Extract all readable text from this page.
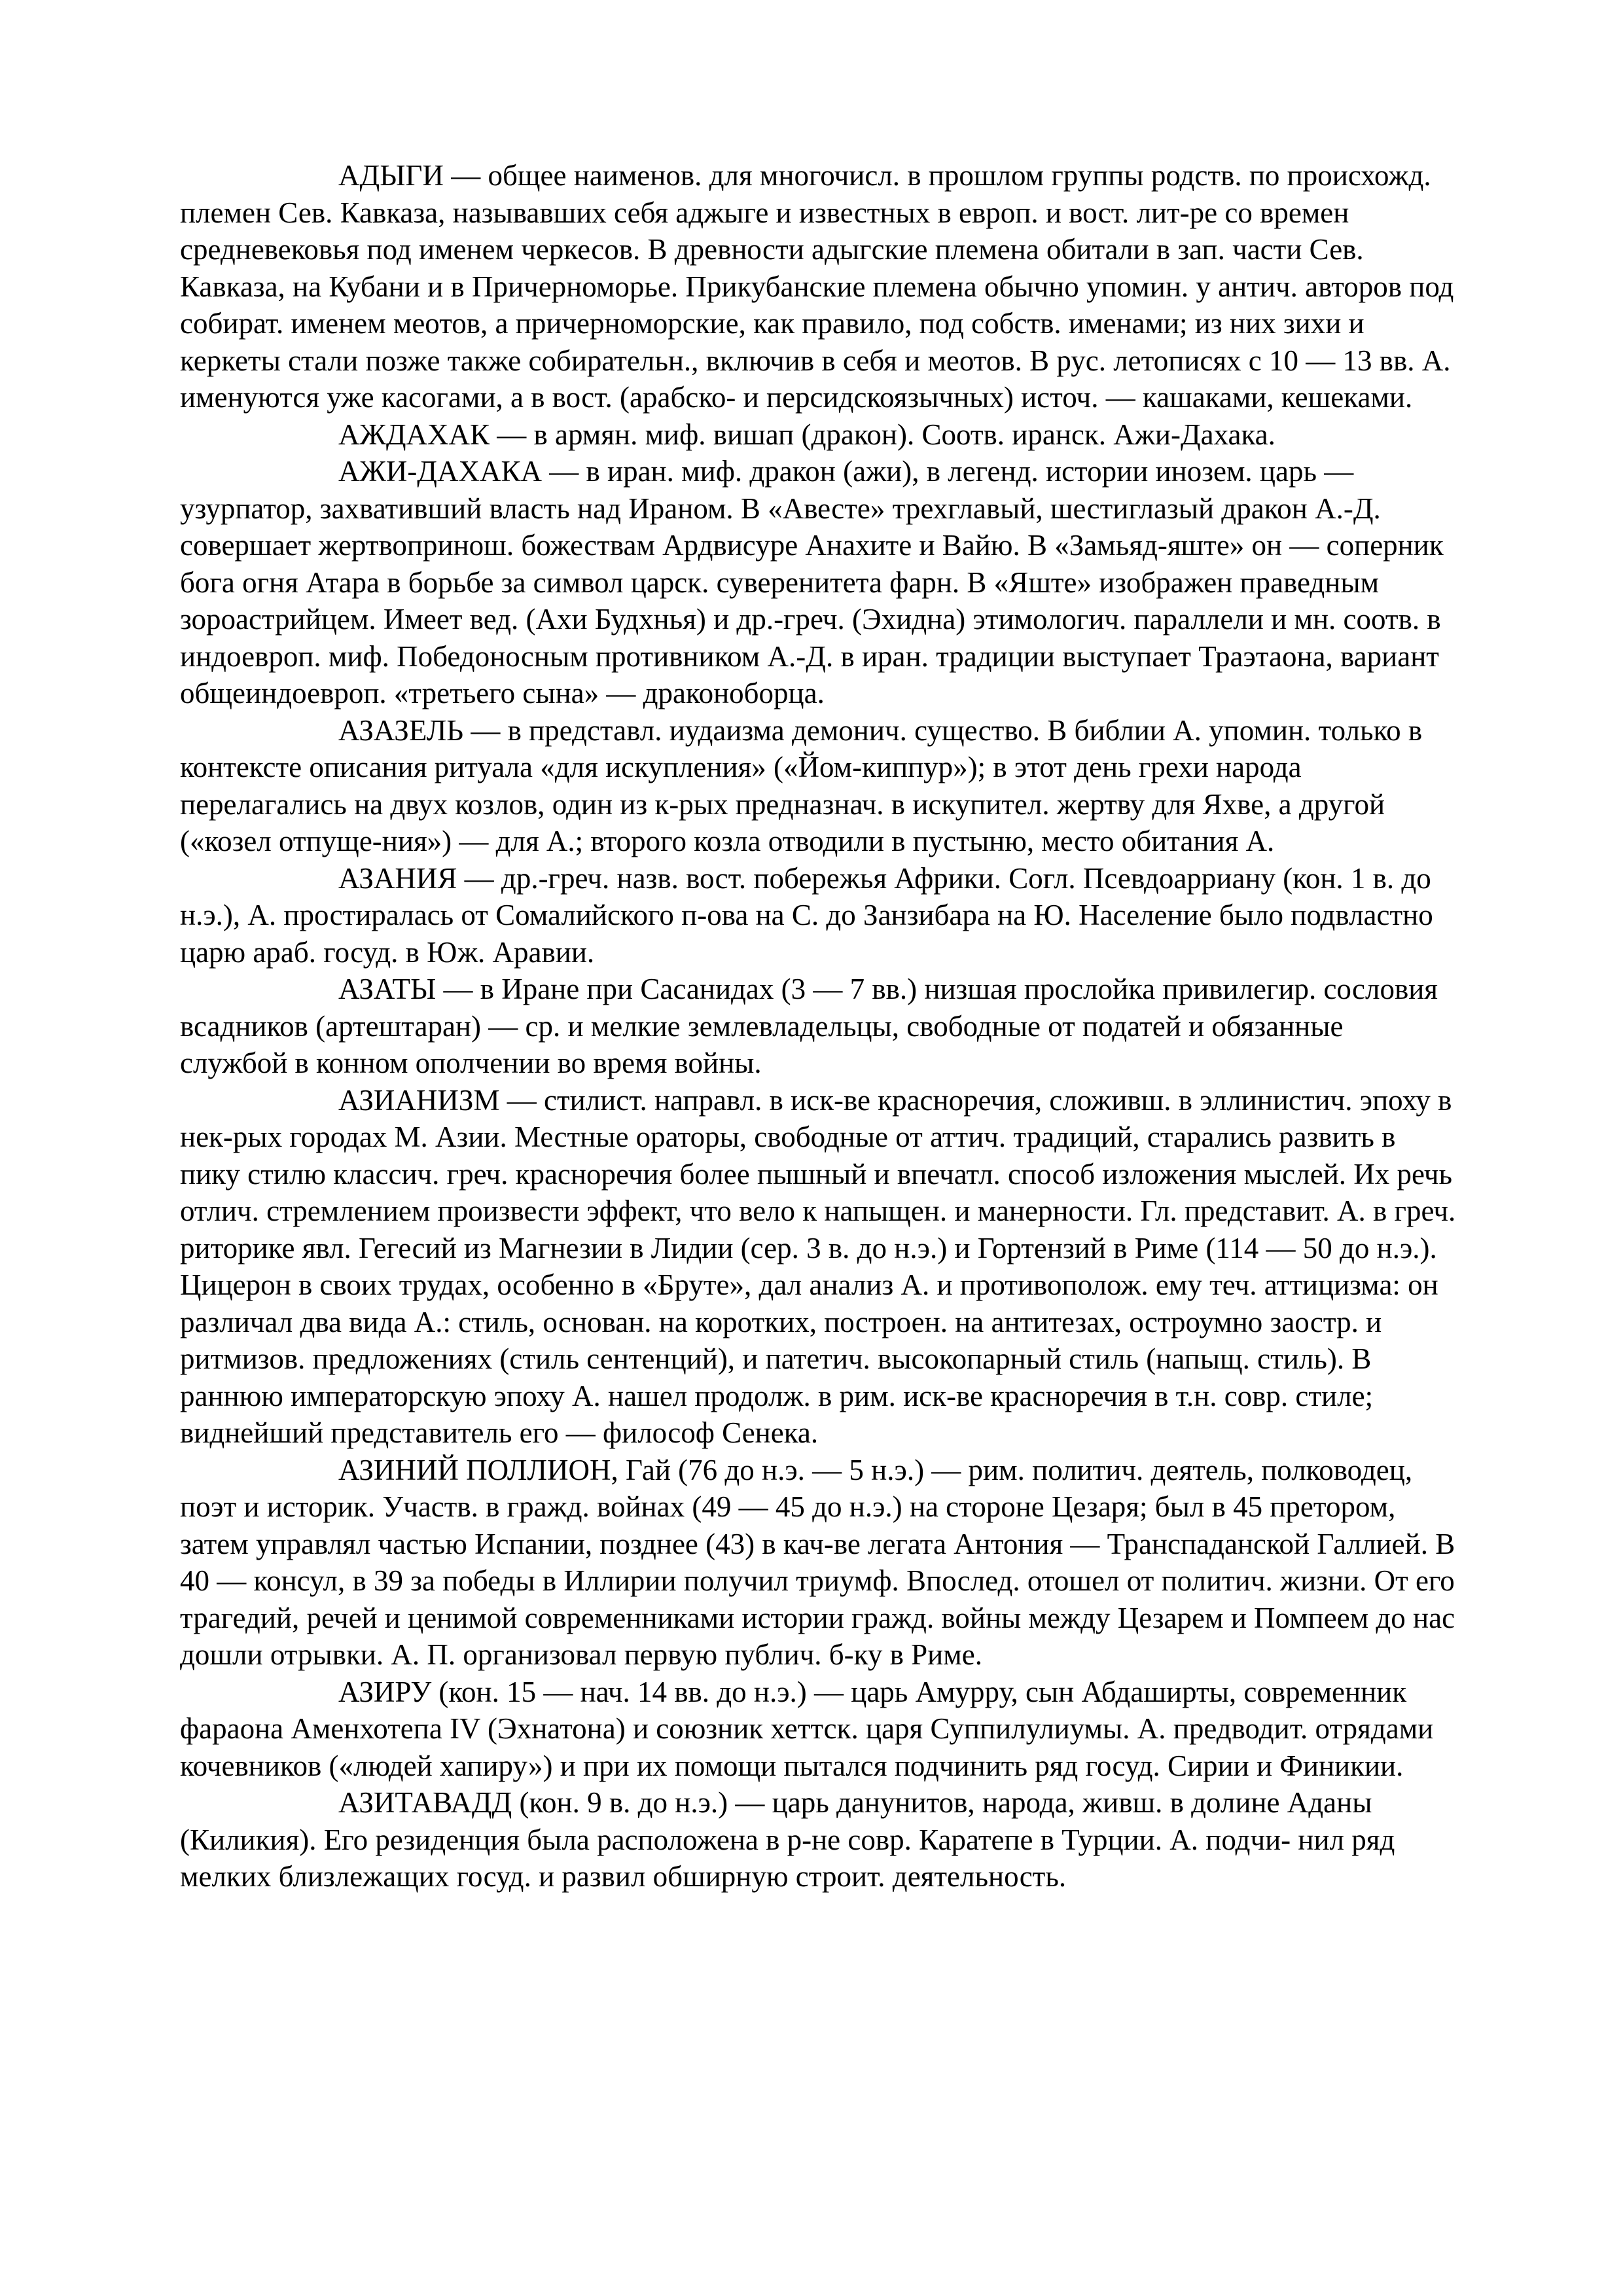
АДЫГИ — общее наименов. для многочисл. в прошлом группы родств. по происхожд. племен Сев. Кавказа, называвших себя аджыге и известных в европ. и вост. лит-ре со времен средневековья под именем черкесов. В древности адыгские племена обитали в зап. части Сев. Кавказа, на Кубани и в Причерноморье. Прикубанские племена обычно упомин. у антич. авторов под собират. именем меотов, а причерноморские, как правило, под собств. именами; из них зихи и керкеты стали позже также собирательн., включив в себя и меотов. В рус. летописях с 10 — 13 вв. А. именуются уже касогами, а в вост. (арабско- и персидскоязычных) источ. — кашаками, кешеками.

АЖДАХАК — в армян. миф. вишап (дракон). Соотв. иранск. Ажи-Дахака.

АЖИ-ДАХАКА — в иран. миф. дракон (ажи), в легенд. истории инозем. царь — узурпатор, захвативший власть над Ираном. В «Авесте» трехглавый, шестиглазый дракон А.-Д. совершает жертвопринош. божествам Ардвисуре Анахите и Вайю. В «Замьяд-яште» он — соперник бога огня Атара в борьбе за символ царск. суверенитета фарн. В «Яште» изображен праведным зороастрийцем. Имеет вед. (Ахи Будхнья) и др.-греч. (Эхидна) этимологич. параллели и мн. соотв. в индоевроп. миф. Победоносным противником А.-Д. в иран. традиции выступает Траэтаона, вариант общеиндоевроп. «третьего сына» — драконоборца.

АЗАЗЕЛЬ — в представл. иудаизма демонич. существо. В библии А. упомин. только в контексте описания ритуала «для искупления» («Йом-киппур»); в этот день грехи народа перелагались на двух козлов, один из к-рых предназнач. в искупител. жертву для Яхве, а другой («козел отпуще-ния») — для А.; второго козла отводили в пустыню, место обитания А.

АЗАНИЯ — др.-греч. назв. вост. побережья Африки. Согл. Псевдоарриану (кон. 1 в. до н.э.), А. простиралась от Сомалийского п-ова на С. до Занзибара на Ю. Население было подвластно царю араб. госуд. в Юж. Аравии.

АЗАТЫ — в Иране при Сасанидах (3 — 7 вв.) низшая прослойка привилегир. сословия всадников (артештаран) — ср. и мелкие землевладельцы, свободные от податей и обязанные службой в конном ополчении во время войны.

АЗИАНИЗМ — стилист. направл. в иск-ве красноречия, сложивш. в эллинистич. эпоху в нек-рых городах М. Азии. Местные ораторы, свободные от аттич. традиций, старались развить в пику стилю классич. греч. красноречия более пышный и впечатл. способ изложения мыслей. Их речь отлич. стремлением произвести эффект, что вело к напыщен. и манерности. Гл. представит. А. в греч. риторике явл. Гегесий из Магнезии в Лидии (сер. 3 в. до н.э.) и Гортензий в Риме (114 — 50 до н.э.). Цицерон в своих трудах, особенно в «Бруте», дал анализ А. и противополож. ему теч. аттицизма: он различал два вида А.: стиль, основан. на коротких, построен. на антитезах, остроумно заостр. и ритмизов. предложениях (стиль сентенций), и патетич. высокопарный стиль (напыщ. стиль). В раннюю императорскую эпоху А. нашел продолж. в рим. иск-ве красноречия в т.н. совр. стиле; виднейший представитель его — философ Сенека.

АЗИНИЙ ПОЛЛИОН, Гай (76 до н.э. — 5 н.э.) — рим. политич. деятель, полководец, поэт и историк. Участв. в гражд. войнах (49 — 45 до н.э.) на стороне Цезаря; был в 45 претором, затем управлял частью Испании, позднее (43) в кач-ве легата Антония — Транспаданской Галлией. В 40 — консул, в 39 за победы в Иллирии получил триумф. Впослед. отошел от политич. жизни. От его трагедий, речей и ценимой современниками истории гражд. войны между Цезарем и Помпеем до нас дошли отрывки. А. П. организовал первую публич. б-ку в Риме.

АЗИРУ (кон. 15 — нач. 14 вв. до н.э.) — царь Амурру, сын Абдаширты, современник фараона Аменхотепа IV (Эхнатона) и союзник хеттск. царя Суппилулиумы. А. предводит. отрядами кочевников («людей хапиру») и при их помощи пытался подчинить ряд госуд. Сирии и Финикии.

АЗИТАВАДД (кон. 9 в. до н.э.) — царь данунитов, народа, живш. в долине Аданы (Киликия). Его резиденция была расположена в р-не совр. Каратепе в Турции. А. подчи- нил ряд мелких близлежащих госуд. и развил обширную строит. деятельность.
